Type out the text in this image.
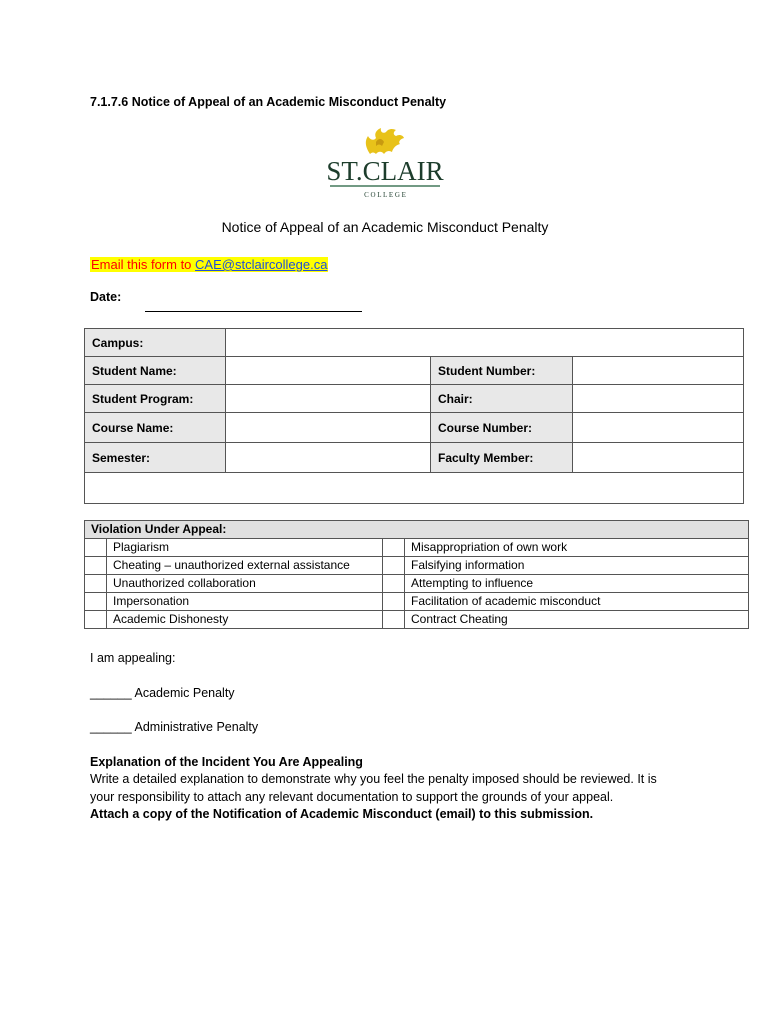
7.1.7.6 Notice of Appeal of an Academic Misconduct Penalty
ST.CLAIR
C O L L E G E
Notice of Appeal of an Academic Misconduct Penalty
Email this form to CAE@stclaircollege.ca
Date:
Campus:			
Student Name:		Student Number:	
Student Program:		Chair:	
Course Name:		Course Number:	
Semester:		Faculty Member:	

Violation Under Appeal:			
	Plagiarism		Misappropriation of own work
	Cheating – unauthorized external assistance		Falsifying information
	Unauthorized collaboration		Attempting to influence
	Impersonation		Facilitation of academic misconduct
	Academic Dishonesty		Contract Cheating
I am appealing:
______ Academic Penalty
______ Administrative Penalty
Explanation of the Incident You Are Appealing
Write a detailed explanation to demonstrate why you feel the penalty imposed should be reviewed. It is
your responsibility to attach any relevant documentation to support the grounds of your appeal.
Attach a copy of the Notification of Academic Misconduct (email) to this submission.
